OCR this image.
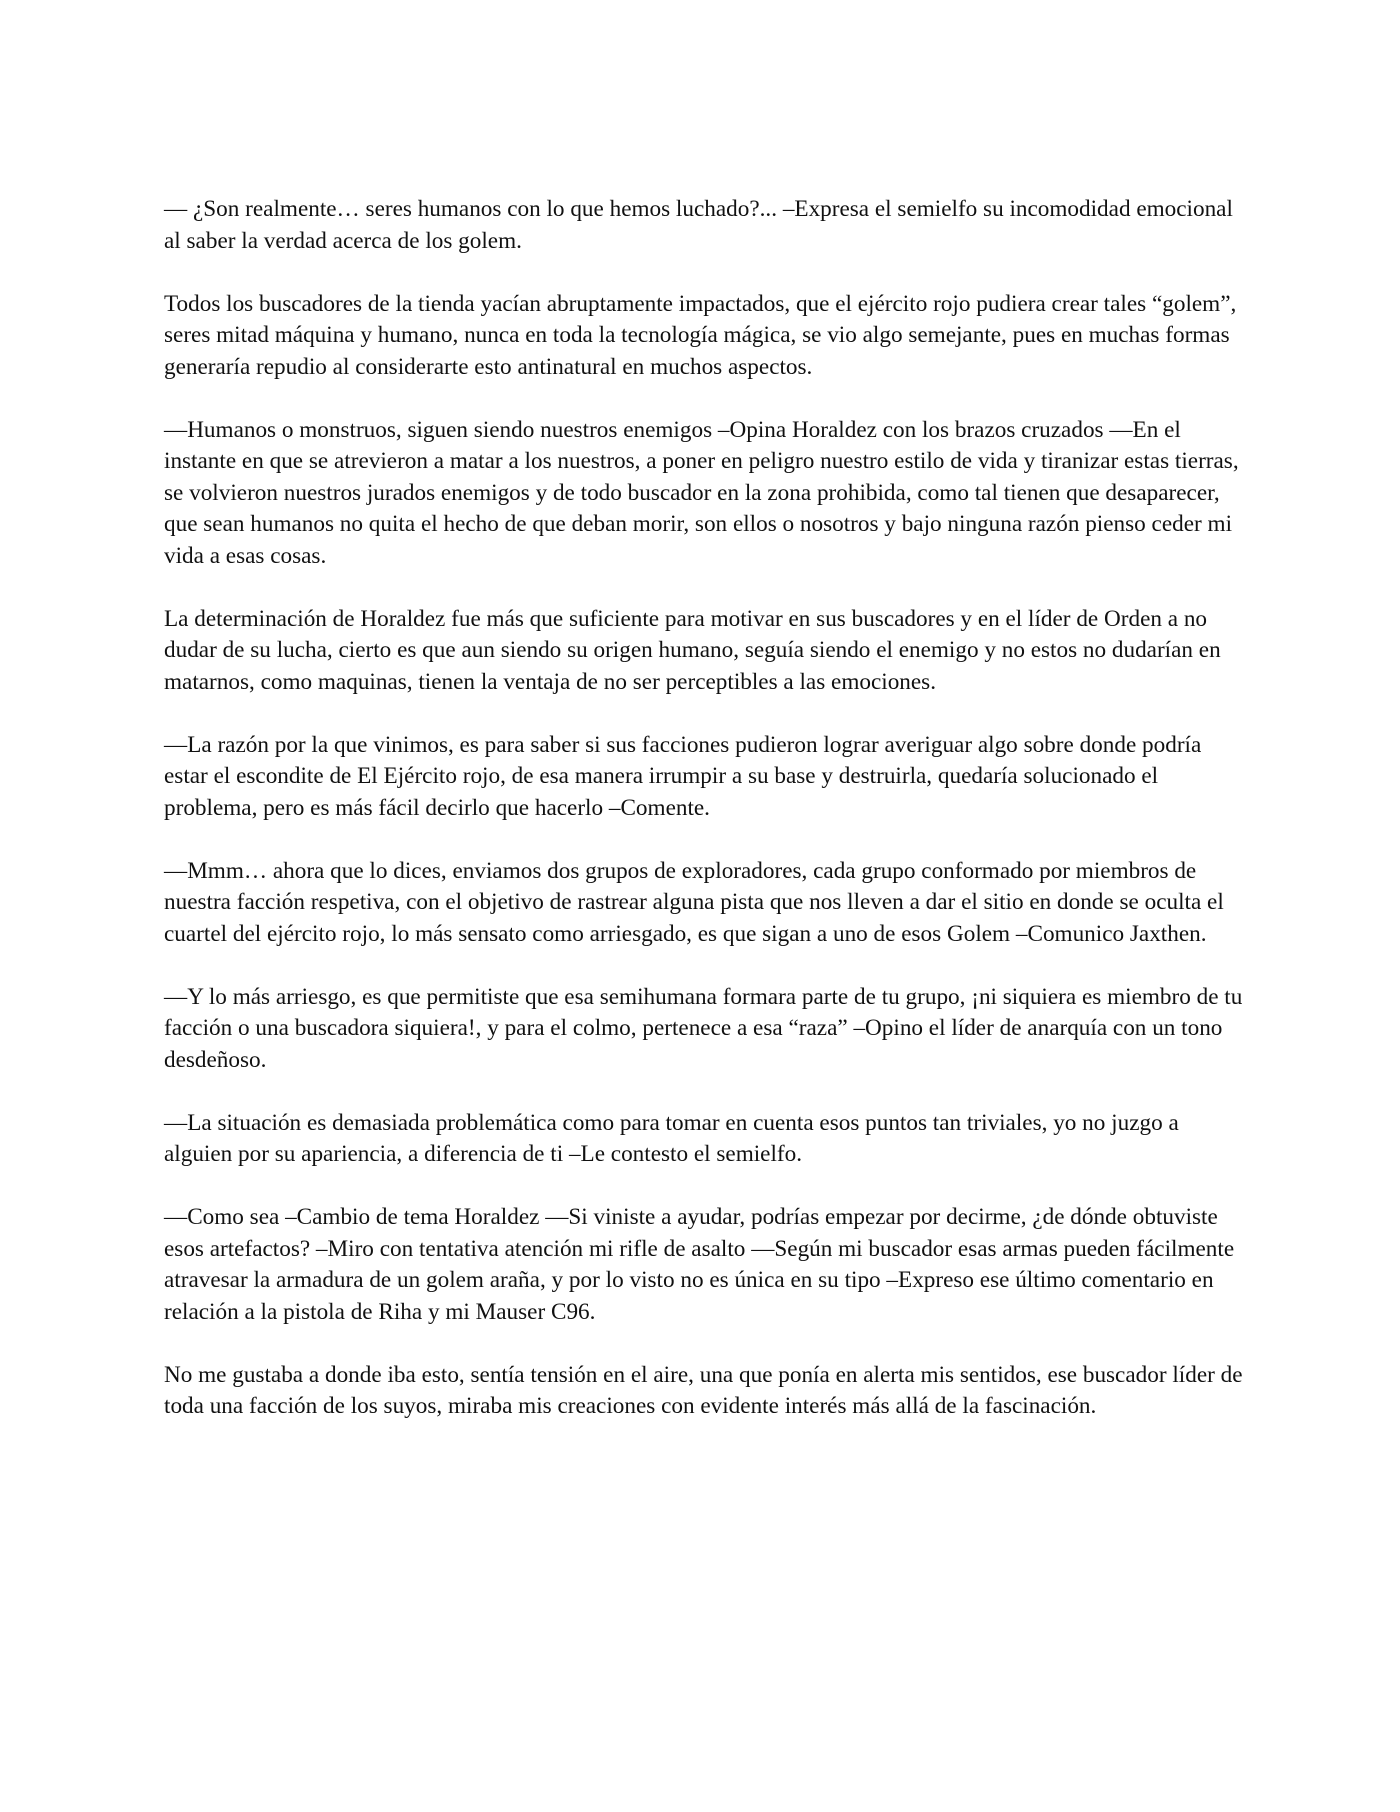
— ¿Son realmente… seres humanos con lo que hemos luchado?... –Expresa el semielfo su incomodidad emocional al saber la verdad acerca de los golem.

Todos los buscadores de la tienda yacían abruptamente impactados, que el ejército rojo pudiera crear tales “golem”, seres mitad máquina y humano, nunca en toda la tecnología mágica, se vio algo semejante, pues en muchas formas generaría repudio al considerarte esto antinatural en muchos aspectos.

—Humanos o monstruos, siguen siendo nuestros enemigos –Opina Horaldez con los brazos cruzados —En el instante en que se atrevieron a matar a los nuestros, a poner en peligro nuestro estilo de vida y tiranizar estas tierras, se volvieron nuestros jurados enemigos y de todo buscador en la zona prohibida, como tal tienen que desaparecer, que sean humanos no quita el hecho de que deban morir, son ellos o nosotros y bajo ninguna razón pienso ceder mi vida a esas cosas.

La determinación de Horaldez fue más que suficiente para motivar en sus buscadores y en el líder de Orden a no dudar de su lucha, cierto es que aun siendo su origen humano, seguía siendo el enemigo y no estos no dudarían en matarnos, como maquinas, tienen la ventaja de no ser perceptibles a las emociones.

—La razón por la que vinimos, es para saber si sus facciones pudieron lograr averiguar algo sobre donde podría estar el escondite de El Ejército rojo, de esa manera irrumpir a su base y destruirla, quedaría solucionado el problema, pero es más fácil decirlo que hacerlo –Comente.

—Mmm… ahora que lo dices, enviamos dos grupos de exploradores, cada grupo conformado por miembros de nuestra facción respetiva, con el objetivo de rastrear alguna pista que nos lleven a dar el sitio en donde se oculta el cuartel del ejército rojo, lo más sensato como arriesgado, es que sigan a uno de esos Golem –Comunico Jaxthen.

—Y lo más arriesgo, es que permitiste que esa semihumana formara parte de tu grupo, ¡ni siquiera es miembro de tu facción o una buscadora siquiera!, y para el colmo, pertenece a esa “raza” –Opino el líder de anarquía con un tono desdeñoso.

—La situación es demasiada problemática como para tomar en cuenta esos puntos tan triviales, yo no juzgo a alguien por su apariencia, a diferencia de ti –Le contesto el semielfo.

—Como sea –Cambio de tema Horaldez —Si viniste a ayudar, podrías empezar por decirme, ¿de dónde obtuviste esos artefactos? –Miro con tentativa atención mi rifle de asalto —Según mi buscador esas armas pueden fácilmente atravesar la armadura de un golem araña, y por lo visto no es única en su tipo –Expreso ese último comentario en relación a la pistola de Riha y mi Mauser C96.

No me gustaba a donde iba esto, sentía tensión en el aire, una que ponía en alerta mis sentidos, ese buscador líder de toda una facción de los suyos, miraba mis creaciones con evidente interés más allá de la fascinación.
